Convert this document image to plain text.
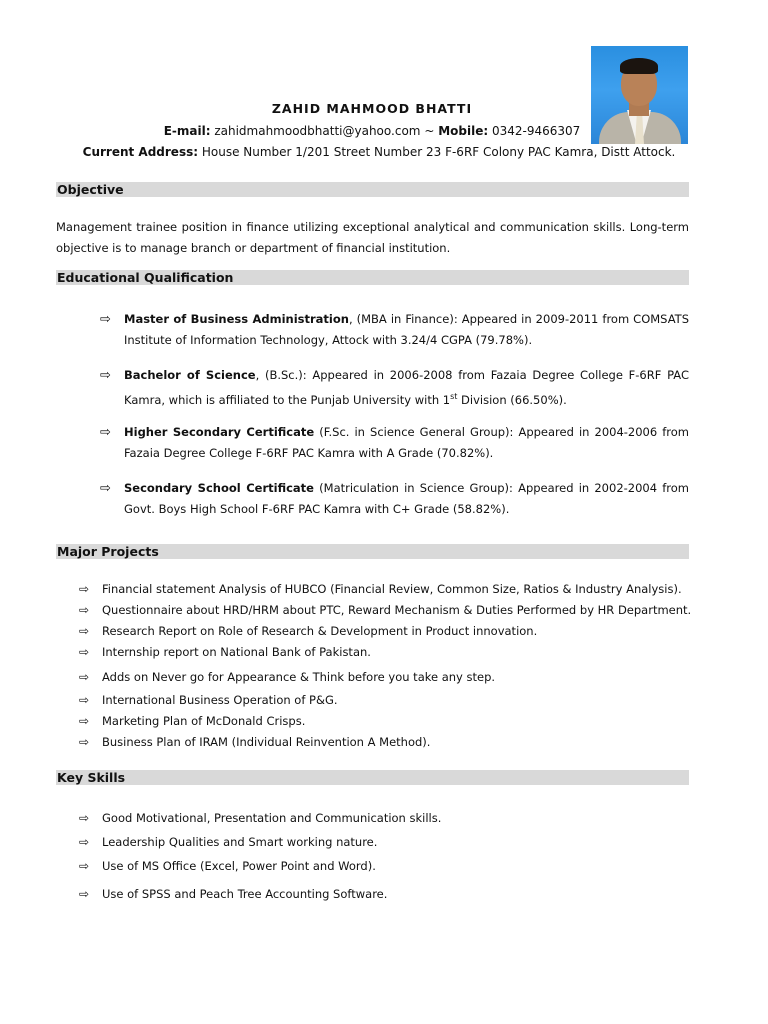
ZAHID MAHMOOD BHATTI
E-mail: zahidmahmoodbhatti@yahoo.com ~ Mobile: 0342-9466307
Current Address: House Number 1/201 Street Number 23 F-6RF Colony PAC Kamra, Distt Attock.
Objective
Management trainee position in finance utilizing exceptional analytical and communication skills. Long-term objective is to manage branch or department of financial institution.
Educational Qualification
⇨ Master of Business Administration, (MBA in Finance): Appeared in 2009-2011 from COMSATS Institute of Information Technology, Attock with 3.24/4 CGPA (79.78%).
⇨ Bachelor of Science, (B.Sc.): Appeared in 2006-2008 from Fazaia Degree College F-6RF PAC Kamra, which is affiliated to the Punjab University with 1st Division (66.50%).
⇨ Higher Secondary Certificate (F.Sc. in Science General Group): Appeared in 2004-2006 from Fazaia Degree College F-6RF PAC Kamra with A Grade (70.82%).
⇨ Secondary School Certificate (Matriculation in Science Group): Appeared in 2002-2004 from Govt. Boys High School F-6RF PAC Kamra with C+ Grade (58.82%).
Major Projects
⇨ Financial statement Analysis of HUBCO (Financial Review, Common Size, Ratios & Industry Analysis).
⇨ Questionnaire about HRD/HRM about PTC, Reward Mechanism & Duties Performed by HR Department.
⇨ Research Report on Role of Research & Development in Product innovation.
⇨ Internship report on National Bank of Pakistan.
⇨ Adds on Never go for Appearance & Think before you take any step.
⇨ International Business Operation of P&G.
⇨ Marketing Plan of McDonald Crisps.
⇨ Business Plan of IRAM (Individual Reinvention A Method).
Key Skills
⇨ Good Motivational, Presentation and Communication skills.
⇨ Leadership Qualities and Smart working nature.
⇨ Use of MS Office (Excel, Power Point and Word).
⇨ Use of SPSS and Peach Tree Accounting Software.
